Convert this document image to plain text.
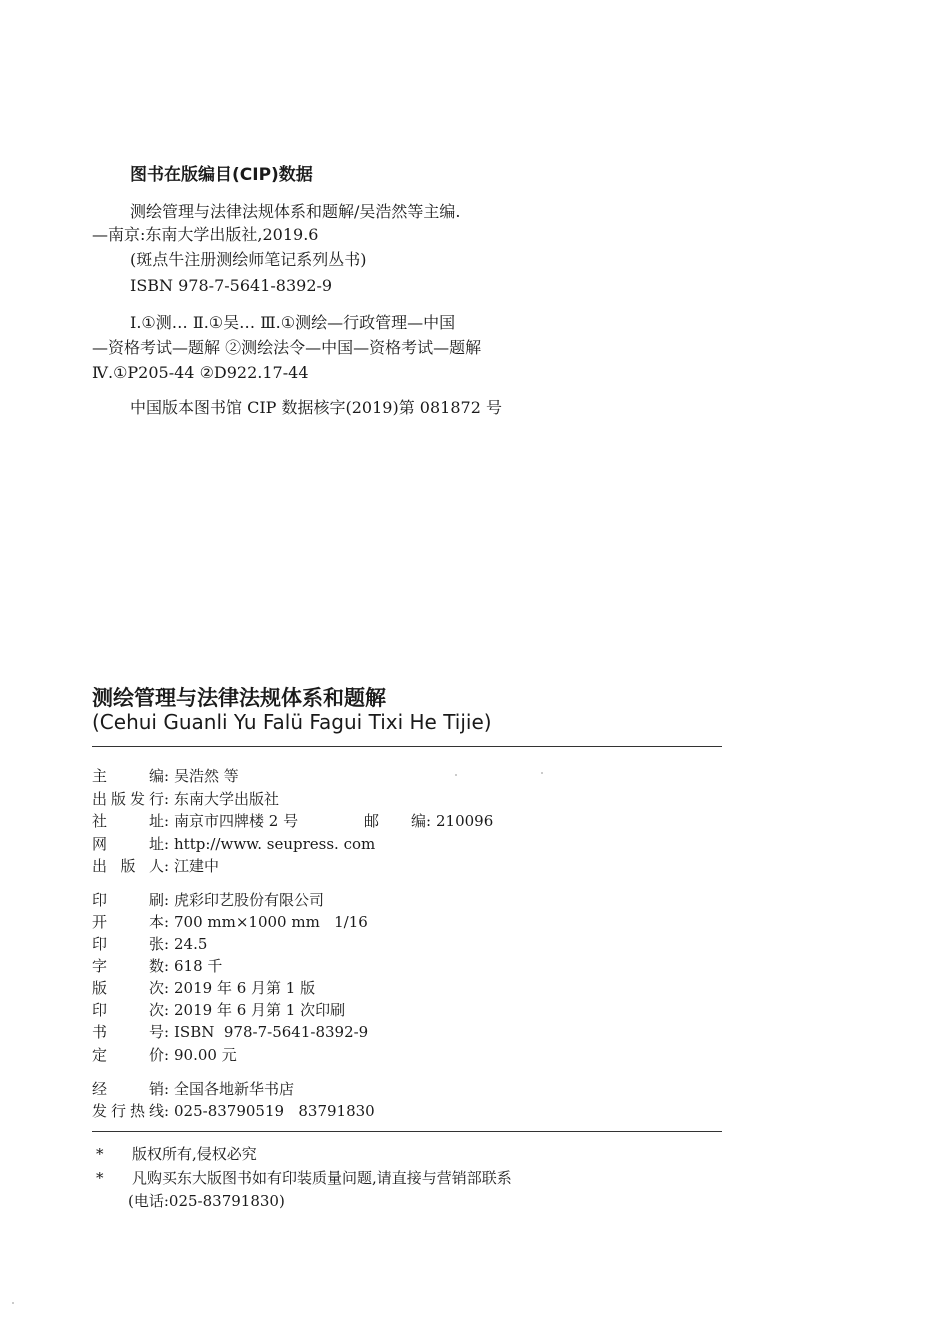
图书在版编目(CIP)数据
测绘管理与法律法规体系和题解/吴浩然等主编.
—南京:东南大学出版社,2019.6
(斑点牛注册测绘师笔记系列丛书)
ISBN 978-7-5641-8392-9
Ⅰ.①测… Ⅱ.①吴… Ⅲ.①测绘—行政管理—中国
—资格考试—题解 ②测绘法令—中国—资格考试—题解
Ⅳ.①P205-44 ②D922.17-44
中国版本图书馆 CIP 数据核字(2019)第 081872 号
测绘管理与法律法规体系和题解
(Cehui Guanli Yu Falü Fagui Tixi He Tijie)
主编: 吴浩然 等
出版发行: 东南大学出版社
社址: 南京市四牌楼 2 号	邮编: 210096
网址: http://www. seupress. com
出版人: 江建中
印刷: 虎彩印艺股份有限公司
开本: 700 mm×1000 mm   1/16
印张: 24.5
字数: 618 千
版次: 2019 年 6 月第 1 版
印次: 2019 年 6 月第 1 次印刷
书号: ISBN  978-7-5641-8392-9
定价: 90.00 元
经销: 全国各地新华书店
发行热线: 025-83790519   83791830
* 版权所有,侵权必究
* 凡购买东大版图书如有印装质量问题,请直接与营销部联系
(电话:025-83791830)
